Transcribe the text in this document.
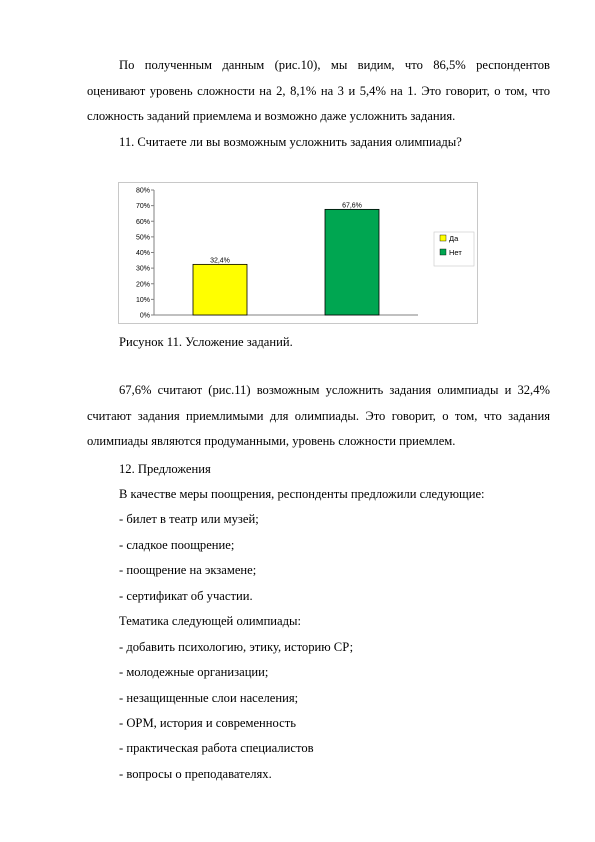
По полученным данным (рис.10), мы видим, что 86,5% респондентов оценивают уровень сложности на 2, 8,1% на 3 и 5,4% на 1. Это говорит, о том, что сложность заданий приемлема и возможно даже усложнить задания.

11. Считаете ли вы возможным усложнить задания олимпиады?

0%
10%
20%
30%
40%
50%
60%
70%
80%
32,4%
67,6%
Да
Нет

Рисунок 11. Усложение заданий.

67,6% считают (рис.11) возможным усложнить задания олимпиады и 32,4% считают задания приемлимыми для олимпиады. Это говорит, о том, что задания олимпиады являются продуманными, уровень сложности приемлем.

12. Предложения

В качестве меры поощрения, респонденты предложили следующие:

- билет в театр или музей;

- сладкое поощрение;

- поощрение на экзамене;

- сертификат об участии.

Тематика следующей олимпиады:

- добавить психологию, этику, историю СР;

- молодежные организации;

- незащищенные слои населения;

- ОРМ, история и современность

- практическая работа специалистов

- вопросы о преподавателях.
